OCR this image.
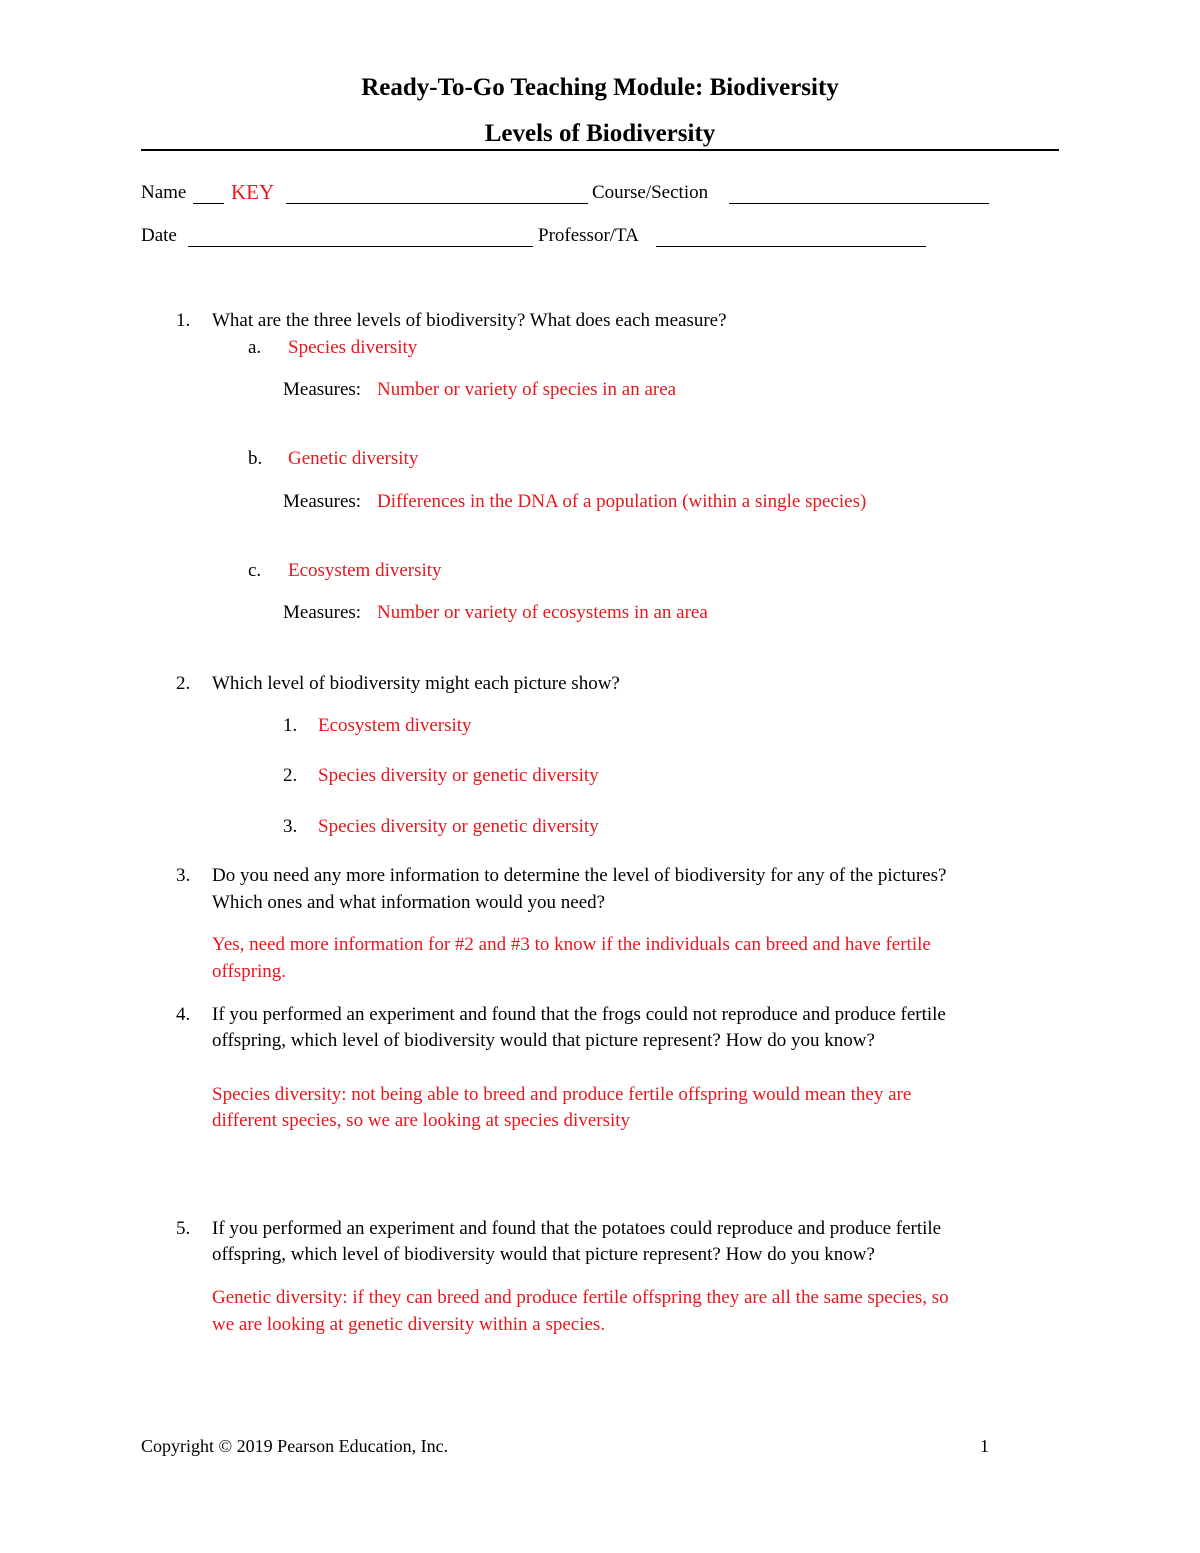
Ready-To-Go Teaching Module: Biodiversity
Levels of Biodiversity
Name KEY	Course/Section
Date	Professor/TA
1. What are the three levels of biodiversity? What does each measure?
a. Species diversity
Measures: Number or variety of species in an area
b. Genetic diversity
Measures: Differences in the DNA of a population (within a single species)
c. Ecosystem diversity
Measures: Number or variety of ecosystems in an area
2. Which level of biodiversity might each picture show?
1. Ecosystem diversity
2. Species diversity or genetic diversity
3. Species diversity or genetic diversity
3. Do you need any more information to determine the level of biodiversity for any of the pictures?
Which ones and what information would you need?
Yes, need more information for #2 and #3 to know if the individuals can breed and have fertile
offspring.
4. If you performed an experiment and found that the frogs could not reproduce and produce fertile
offspring, which level of biodiversity would that picture represent? How do you know?
Species diversity: not being able to breed and produce fertile offspring would mean they are
different species, so we are looking at species diversity
5. If you performed an experiment and found that the potatoes could reproduce and produce fertile
offspring, which level of biodiversity would that picture represent? How do you know?
Genetic diversity: if they can breed and produce fertile offspring they are all the same species, so
we are looking at genetic diversity within a species.
Copyright © 2019 Pearson Education, Inc.	1
